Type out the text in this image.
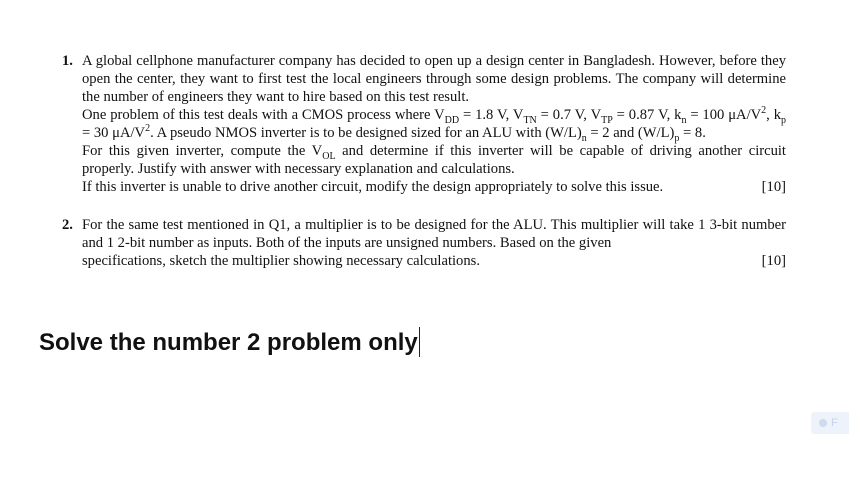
1. A global cellphone manufacturer company has decided to open up a design center in Bangladesh. However, before they open the center, they want to first test the local engineers through some design problems. The company will determine the number of engineers they want to hire based on this test result.
One problem of this test deals with a CMOS process where $V_{DD} = 1.8$ V, $V_{TN} = 0.7$ V, $V_{TP} = 0.87$ V, $k_n = 100$ $\mu A/V^2$, $k_p = 30$ $\mu A/V^2$. A pseudo NMOS inverter is to be designed sized for an ALU with $(W/L)_n = 2$ and $(W/L)_p = 8$.
For this given inverter, compute the $V_{OL}$ and determine if this inverter will be capable of driving another circuit properly. Justify with answer with necessary explanation and calculations.
If this inverter is unable to drive another circuit, modify the design appropriately to solve this issue.	[10]
2. For the same test mentioned in Q1, a multiplier is to be designed for the ALU. This multiplier will take 1 3-bit number and 1 2-bit number as inputs. Both of the inputs are unsigned numbers. Based on the given
specifications, sketch the multiplier showing necessary calculations.	[10]
Solve the number 2 problem only
F
